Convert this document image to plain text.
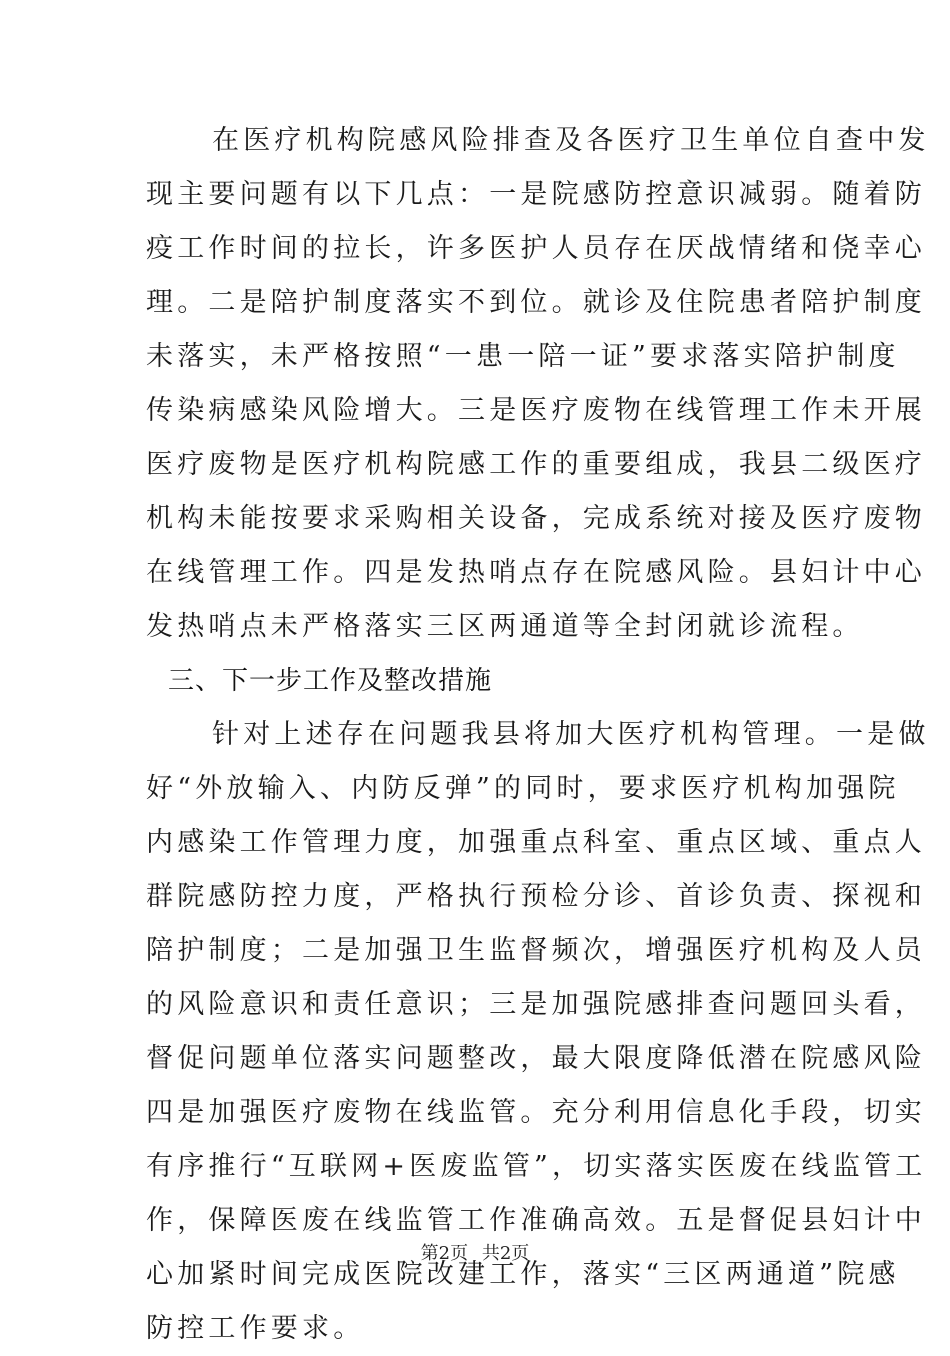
在医疗机构院感风险排查及各医疗卫生单位自查中发
现主要问题有以下几点：一是院感防控意识减弱。随着防
疫工作时间的拉长，许多医护人员存在厌战情绪和侥幸心
理。二是陪护制度落实不到位。就诊及住院患者陪护制度
未落实，未严格按照“一患一陪一证”要求落实陪护制度
传染病感染风险增大。三是医疗废物在线管理工作未开展
医疗废物是医疗机构院感工作的重要组成，我县二级医疗
机构未能按要求采购相关设备，完成系统对接及医疗废物
在线管理工作。四是发热哨点存在院感风险。县妇计中心
发热哨点未严格落实三区两通道等全封闭就诊流程。
三、下一步工作及整改措施
针对上述存在问题我县将加大医疗机构管理。一是做
好“外放输入、内防反弹”的同时，要求医疗机构加强院
内感染工作管理力度，加强重点科室、重点区域、重点人
群院感防控力度，严格执行预检分诊、首诊负责、探视和
陪护制度；二是加强卫生监督频次，增强医疗机构及人员
的风险意识和责任意识；三是加强院感排查问题回头看，
督促问题单位落实问题整改，最大限度降低潜在院感风险
四是加强医疗废物在线监管。充分利用信息化手段，切实
有序推行“互联网+医废监管”，切实落实医废在线监管工
作，保障医废在线监管工作准确高效。五是督促县妇计中
心加紧时间完成医院改建工作，落实“三区两通道”院感
防控工作要求。
第2页 共2页
